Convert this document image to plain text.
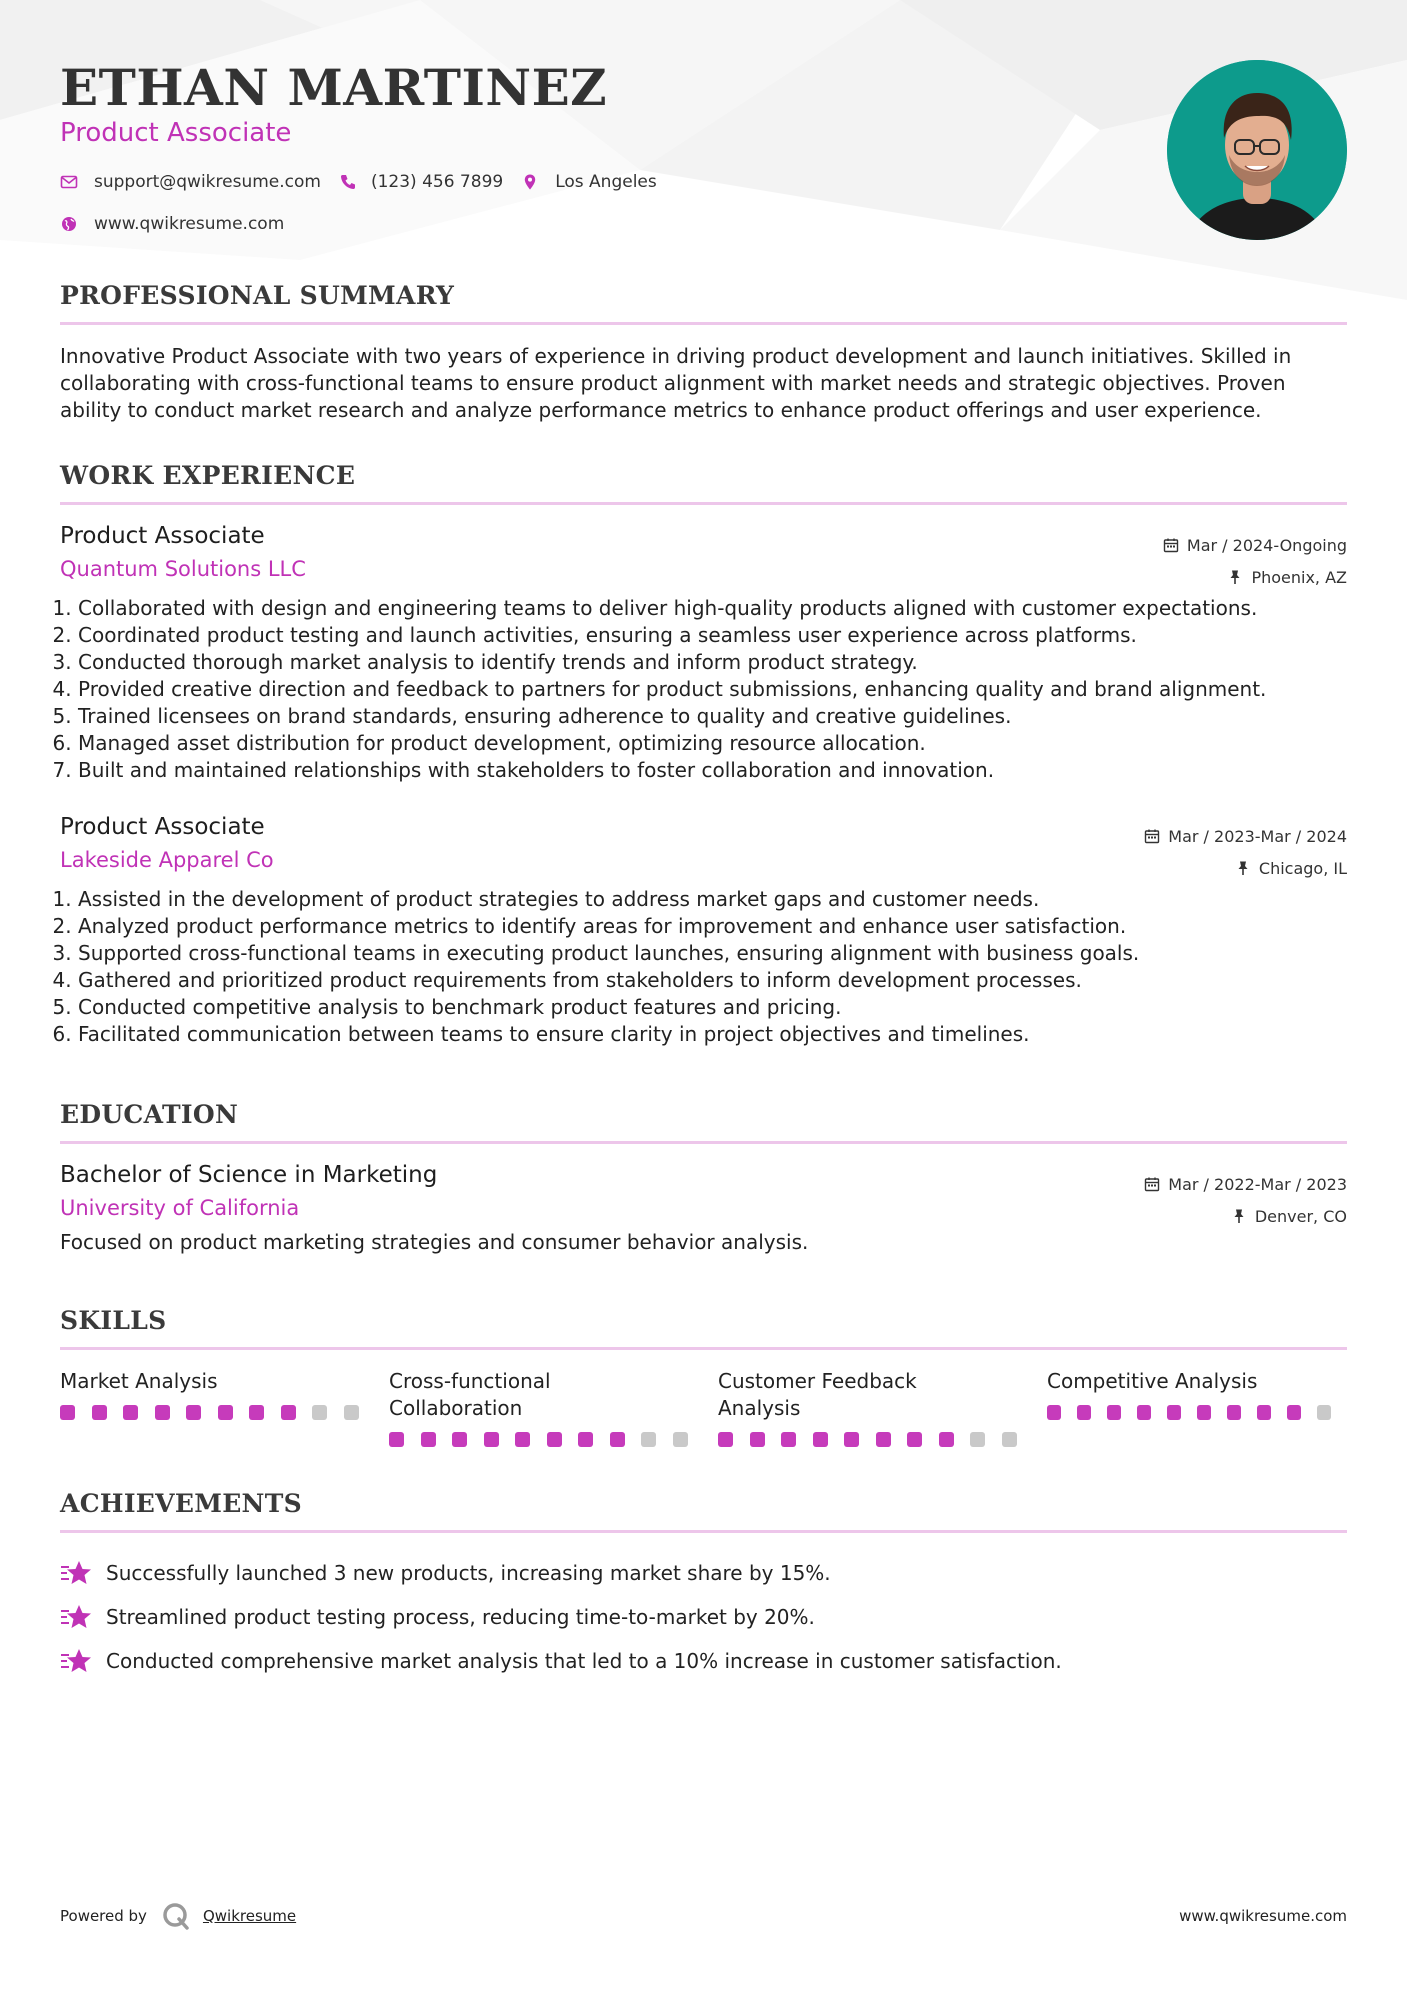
ETHAN MARTINEZ
Product Associate
support@qwikresume.com	(123) 456 7899	Los Angeles
www.qwikresume.com
PROFESSIONAL SUMMARY

Innovative Product Associate with two years of experience in driving product development and launch initiatives. Skilled in collaborating with cross-functional teams to ensure product alignment with market needs and strategic objectives. Proven ability to conduct market research and analyze performance metrics to enhance product offerings and user experience.

WORK EXPERIENCE
Product Associate
Quantum Solutions LLC
Mar / 2024-Ongoing
Phoenix, AZ
1. Collaborated with design and engineering teams to deliver high-quality products aligned with customer expectations.
2. Coordinated product testing and launch activities, ensuring a seamless user experience across platforms.
3. Conducted thorough market analysis to identify trends and inform product strategy.
4. Provided creative direction and feedback to partners for product submissions, enhancing quality and brand alignment.
5. Trained licensees on brand standards, ensuring adherence to quality and creative guidelines.
6. Managed asset distribution for product development, optimizing resource allocation.
7. Built and maintained relationships with stakeholders to foster collaboration and innovation.
Product Associate
Lakeside Apparel Co
Mar / 2023-Mar / 2024
Chicago, IL
1. Assisted in the development of product strategies to address market gaps and customer needs.
2. Analyzed product performance metrics to identify areas for improvement and enhance user satisfaction.
3. Supported cross-functional teams in executing product launches, ensuring alignment with business goals.
4. Gathered and prioritized product requirements from stakeholders to inform development processes.
5. Conducted competitive analysis to benchmark product features and pricing.
6. Facilitated communication between teams to ensure clarity in project objectives and timelines.
EDUCATION
Bachelor of Science in Marketing
University of California
Mar / 2022-Mar / 2023
Denver, CO
Focused on product marketing strategies and consumer behavior analysis.
SKILLS
Market Analysis	Cross-functional Collaboration
Customer Feedback Analysis
Competitive Analysis
ACHIEVEMENTS
Successfully launched 3 new products, increasing market share by 15%.
Streamlined product testing process, reducing time-to-market by 20%.
Conducted comprehensive market analysis that led to a 10% increase in customer satisfaction.
Powered by	Qwikresume	www.qwikresume.com
